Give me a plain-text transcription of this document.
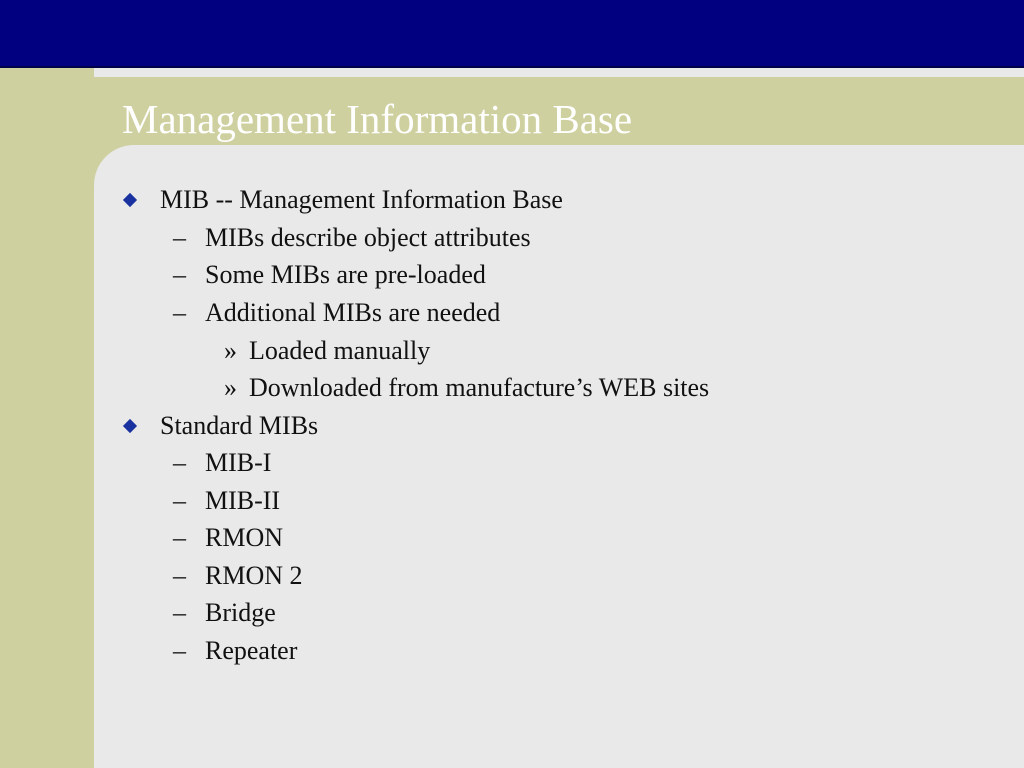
Management Information Base
MIB -- Management Information Base
– MIBs describe object attributes
– Some MIBs are pre-loaded
– Additional MIBs are needed
» Loaded manually
» Downloaded from manufacture’s WEB sites
Standard MIBs
– MIB-I
– MIB-II
– RMON
– RMON 2
– Bridge
– Repeater
